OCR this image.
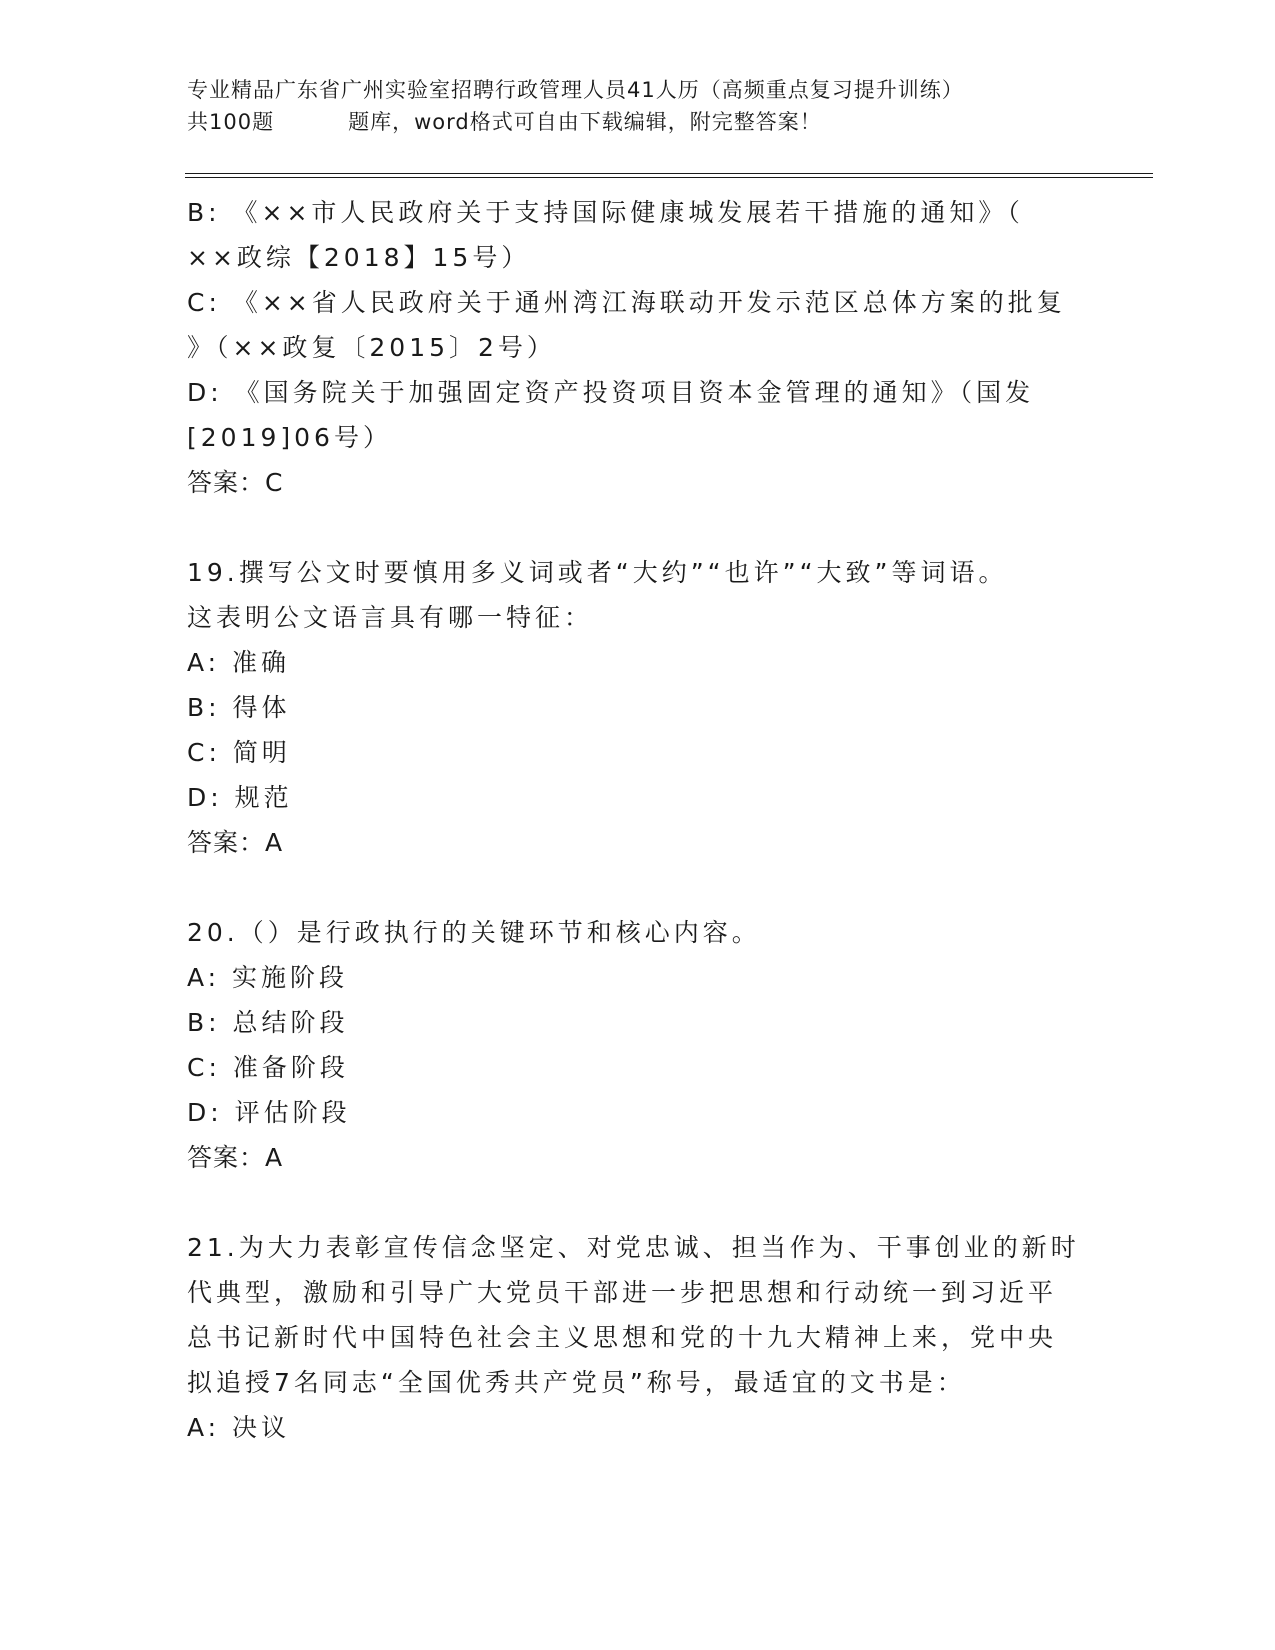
专业精品广东省广州实验室招聘行政管理人员41人历（高频重点复习提升训练）
共100题	题库，word格式可自由下载编辑，附完整答案！
B: 《××市人民政府关于支持国际健康城发展若干措施的通知》（
××政综【2018】15号）
C: 《××省人民政府关于通州湾江海联动开发示范区总体方案的批复
》（××政复〔2015〕2号）
D: 《国务院关于加强固定资产投资项目资本金管理的通知》（国发
[2019]06号）
答案：C
19.撰写公文时要慎用多义词或者“大约”“也许”“大致”等词语。
这表明公文语言具有哪一特征：
A: 准确
B: 得体
C: 简明
D: 规范
答案：A
20.（）是行政执行的关键环节和核心内容。
A: 实施阶段
B: 总结阶段
C: 准备阶段
D: 评估阶段
答案：A
21.为大力表彰宣传信念坚定、对党忠诚、担当作为、干事创业的新时
代典型，激励和引导广大党员干部进一步把思想和行动统一到习近平
总书记新时代中国特色社会主义思想和党的十九大精神上来，党中央
拟追授7名同志“全国优秀共产党员”称号，最适宜的文书是：
A: 决议
